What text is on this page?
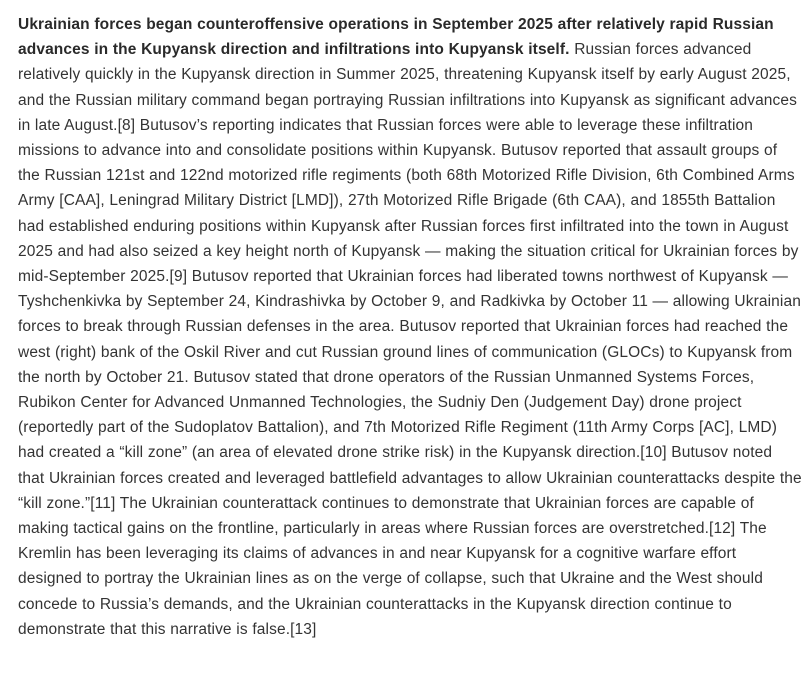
Ukrainian forces began counteroffensive operations in September 2025 after relatively rapid Russian advances in the Kupyansk direction and infiltrations into Kupyansk itself. Russian forces advanced relatively quickly in the Kupyansk direction in Summer 2025, threatening Kupyansk itself by early August 2025, and the Russian military command began portraying Russian infiltrations into Kupyansk as significant advances in late August.[8] Butusov’s reporting indicates that Russian forces were able to leverage these infiltration missions to advance into and consolidate positions within Kupyansk. Butusov reported that assault groups of the Russian 121st and 122nd motorized rifle regiments (both 68th Motorized Rifle Division, 6th Combined Arms Army [CAA], Leningrad Military District [LMD]), 27th Motorized Rifle Brigade (6th CAA), and 1855th Battalion had established enduring positions within Kupyansk after Russian forces first infiltrated into the town in August 2025 and had also seized a key height north of Kupyansk — making the situation critical for Ukrainian forces by mid-September 2025.[9] Butusov reported that Ukrainian forces had liberated towns northwest of Kupyansk — Tyshchenkivka by September 24, Kindrashivka by October 9, and Radkivka by October 11 — allowing Ukrainian forces to break through Russian defenses in the area. Butusov reported that Ukrainian forces had reached the west (right) bank of the Oskil River and cut Russian ground lines of communication (GLOCs) to Kupyansk from the north by October 21. Butusov stated that drone operators of the Russian Unmanned Systems Forces, Rubikon Center for Advanced Unmanned Technologies, the Sudniy Den (Judgement Day) drone project (reportedly part of the Sudoplatov Battalion), and 7th Motorized Rifle Regiment (11th Army Corps [AC], LMD) had created a “kill zone” (an area of elevated drone strike risk) in the Kupyansk direction.[10] Butusov noted that Ukrainian forces created and leveraged battlefield advantages to allow Ukrainian counterattacks despite the “kill zone.”[11] The Ukrainian counterattack continues to demonstrate that Ukrainian forces are capable of making tactical gains on the frontline, particularly in areas where Russian forces are overstretched.[12] The Kremlin has been leveraging its claims of advances in and near Kupyansk for a cognitive warfare effort designed to portray the Ukrainian lines as on the verge of collapse, such that Ukraine and the West should concede to Russia’s demands, and the Ukrainian counterattacks in the Kupyansk direction continue to demonstrate that this narrative is false.[13]
